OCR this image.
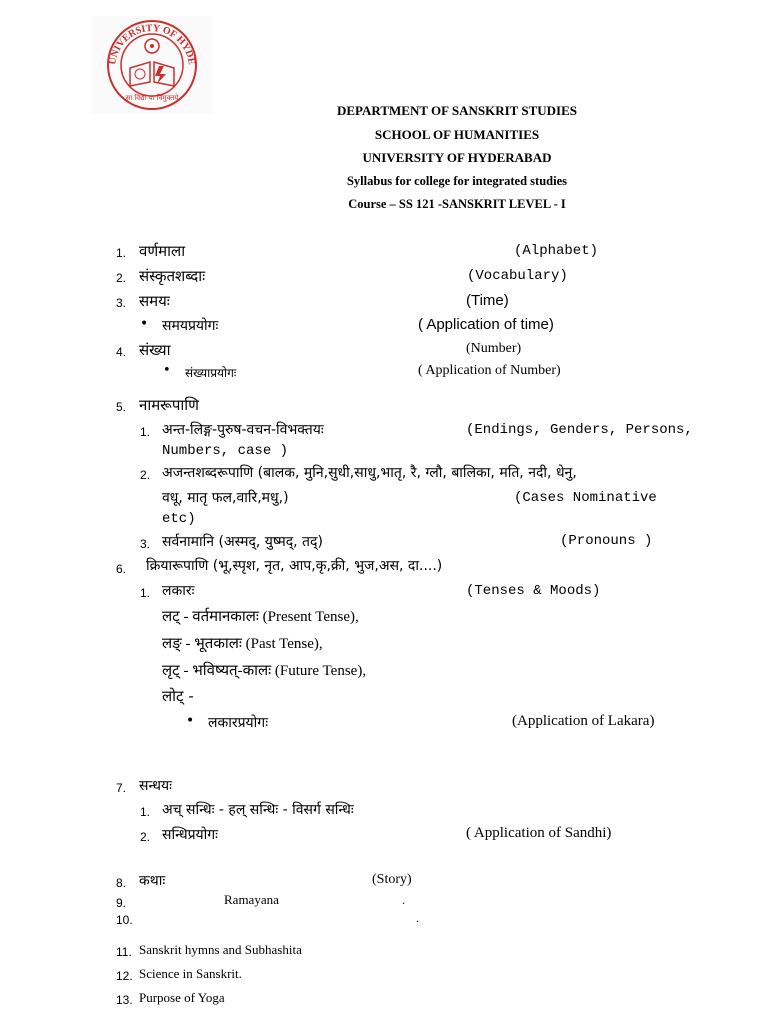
UNIVERSITY OF HYDE
सा विद्या या विमुक्तये
DEPARTMENT OF SANSKRIT STUDIES
SCHOOL OF HUMANITIES
UNIVERSITY OF HYDERABAD
Syllabus for college for integrated studies
Course – SS 121 -SANSKRIT LEVEL - I
1. वर्णमाला	(Alphabet)
2. संस्कृतशब्दाः	(Vocabulary)
3. समयः	(Time)
• समयप्रयोगः	( Application of time)
4. संख्या	(Number)
• संख्याप्रयोगः	( Application of Number)
5. नामरूपाणि
1. अन्त-लिङ्ग-पुरुष-वचन-विभक्तयः	(Endings, Genders, Persons,
Numbers, case )
2. अजन्तशब्दरूपाणि (बालक, मुनि,सुधी,साधु,भातृ, रै, ग्लौ, बालिका, मति, नदी, धेनु,
वधू, मातृ फल,वारि,मधु,)	(Cases Nominative
etc)
3. सर्वनामानि (अस्मद्, युष्मद्, तद्)	(Pronouns )
6. क्रियारूपाणि (भू,स्पृश, नृत, आप,कृ,क्री, भुज,अस, दा....)
1. लकारः	(Tenses & Moods)
लट् - वर्तमानकालः (Present Tense),
लङ् - भूतकालः (Past Tense),
लृट् - भविष्यत्-कालः (Future Tense),
लोट् -
• लकारप्रयोगः	(Application of Lakara)
7. सन्धयः
1. अच् सन्धिः - हल् सन्धिः - विसर्ग सन्धिः
2. सन्धिप्रयोगः	( Application of Sandhi)
8. कथाः	(Story)
9.	Ramayana	.
10.	.
11. Sanskrit hymns and Subhashita
12. Science in Sanskrit.
13. Purpose of Yoga
